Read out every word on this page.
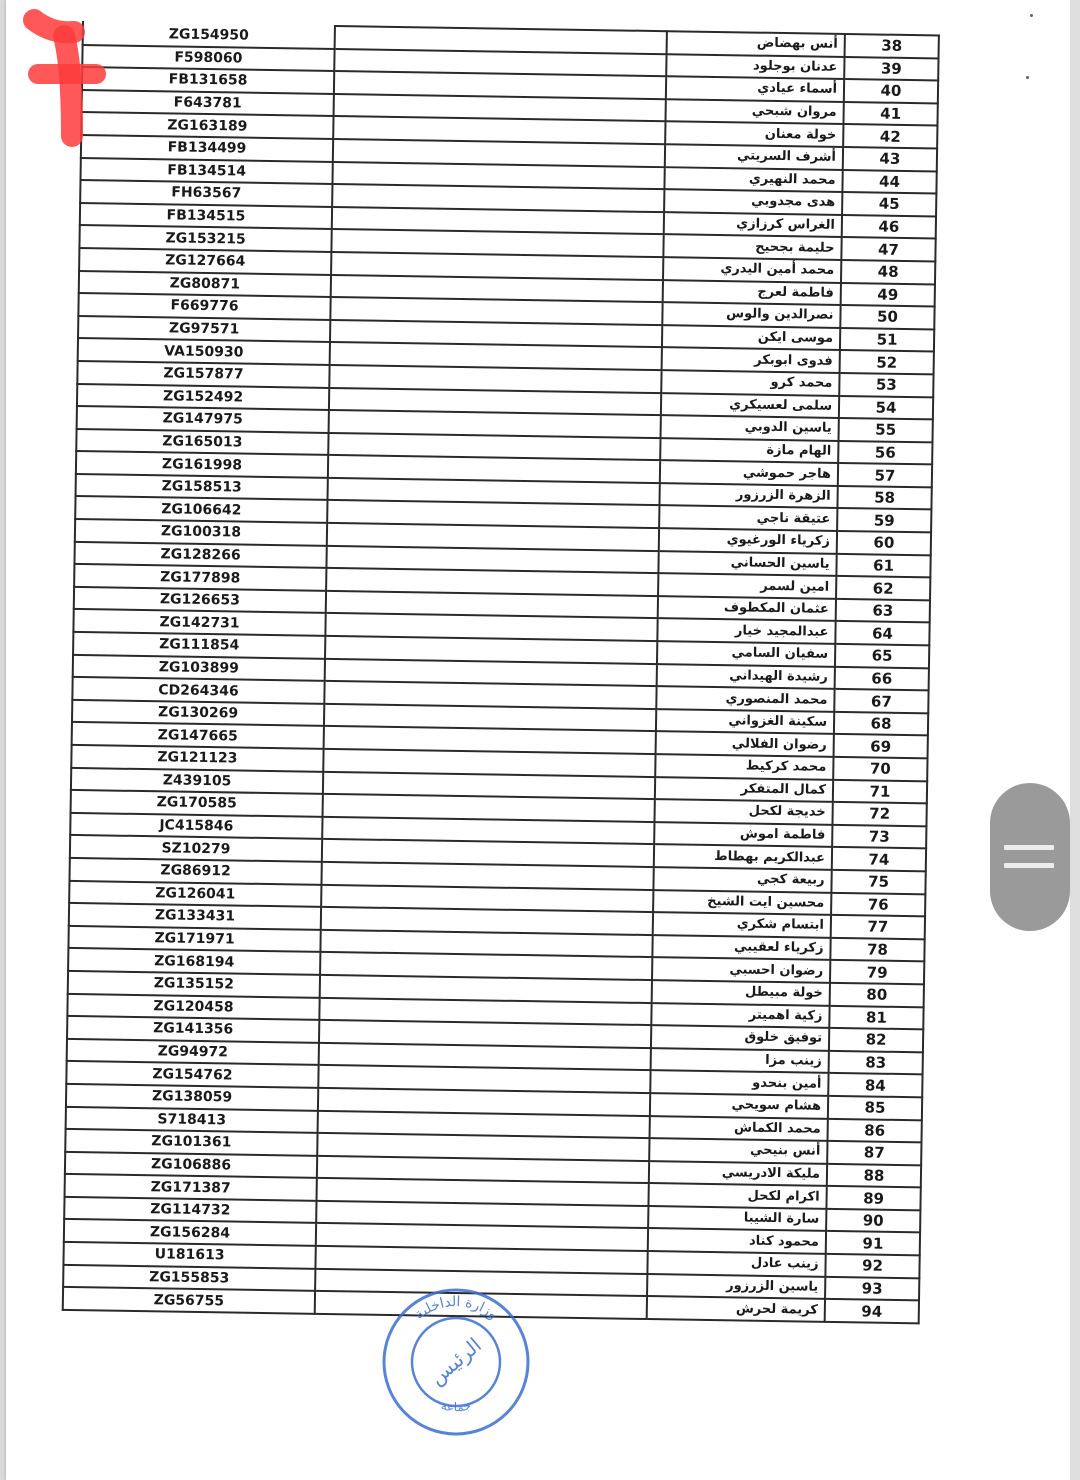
ZG154950		أنس بهضاض	38
F598060		عدنان بوجلود	39
FB131658		أسماء عيادي	40
F643781		مروان شبحي	41
ZG163189		خولة معنان	42
FB134499		أشرف السريتي	43
FB134514		محمد النهيري	44
FH63567		هدى مجدوبي	45
FB134515		الغراس كرزازي	46
ZG153215		حليمة بجحيح	47
ZG127664		محمد أمين اليدري	48
ZG80871		فاطمة لعرج	49
F669776		نصرالدين والوس	50
ZG97571		موسى ايكن	51
VA150930		فدوى ابوبكر	52
ZG157877		محمد كرو	53
ZG152492		سلمى لعسيكري	54
ZG147975		ياسين الدوبي	55
ZG165013		الهام مازة	56
ZG161998		هاجر حموشي	57
ZG158513		الزهرة الزرزور	58
ZG106642		عتيقة ناجي	59
ZG100318		زكرياء الورغيوي	60
ZG128266		ياسين الحساني	61
ZG177898		امين لسمر	62
ZG126653		عثمان المكطوف	63
ZG142731		عبدالمجيد خيار	64
ZG111854		سفيان السامي	65
ZG103899		رشيدة الهيداني	66
CD264346		محمد المنصوري	67
ZG130269		سكينة الغزواني	68
ZG147665		رضوان الفلالي	69
ZG121123		محمد كركيط	70
Z439105		كمال المتفكر	71
ZG170585		خديجة لكحل	72
JC415846		فاطمة اموش	73
SZ10279		عبدالكريم بهطاط	74
ZG86912		ربيعة كجي	75
ZG126041		محسين ايت الشيخ	76
ZG133431		ابتسام شكري	77
ZG171971		زكرياء لعقيبي	78
ZG168194		رضوان احسبي	79
ZG135152		خولة مبيطل	80
ZG120458		زكية اهميتر	81
ZG141356		توفيق خلوق	82
ZG94972		زينب مزا	83
ZG154762		أمين بنحدو	84
ZG138059		هشام سويحي	85
S718413		محمد الكماش	86
ZG101361		أنس بنيحي	87
ZG106886		مليكة الادريسي	88
ZG171387		اكرام لكحل	89
ZG114732		سارة الشيبا	90
ZG156284		محمود كناد	91
U181613		زينب عادل	92
ZG155853		ياسين الزرزور	93
ZG56755		كريمة لحرش	94
وزارة الداخلية
جماعة
الرئيس
